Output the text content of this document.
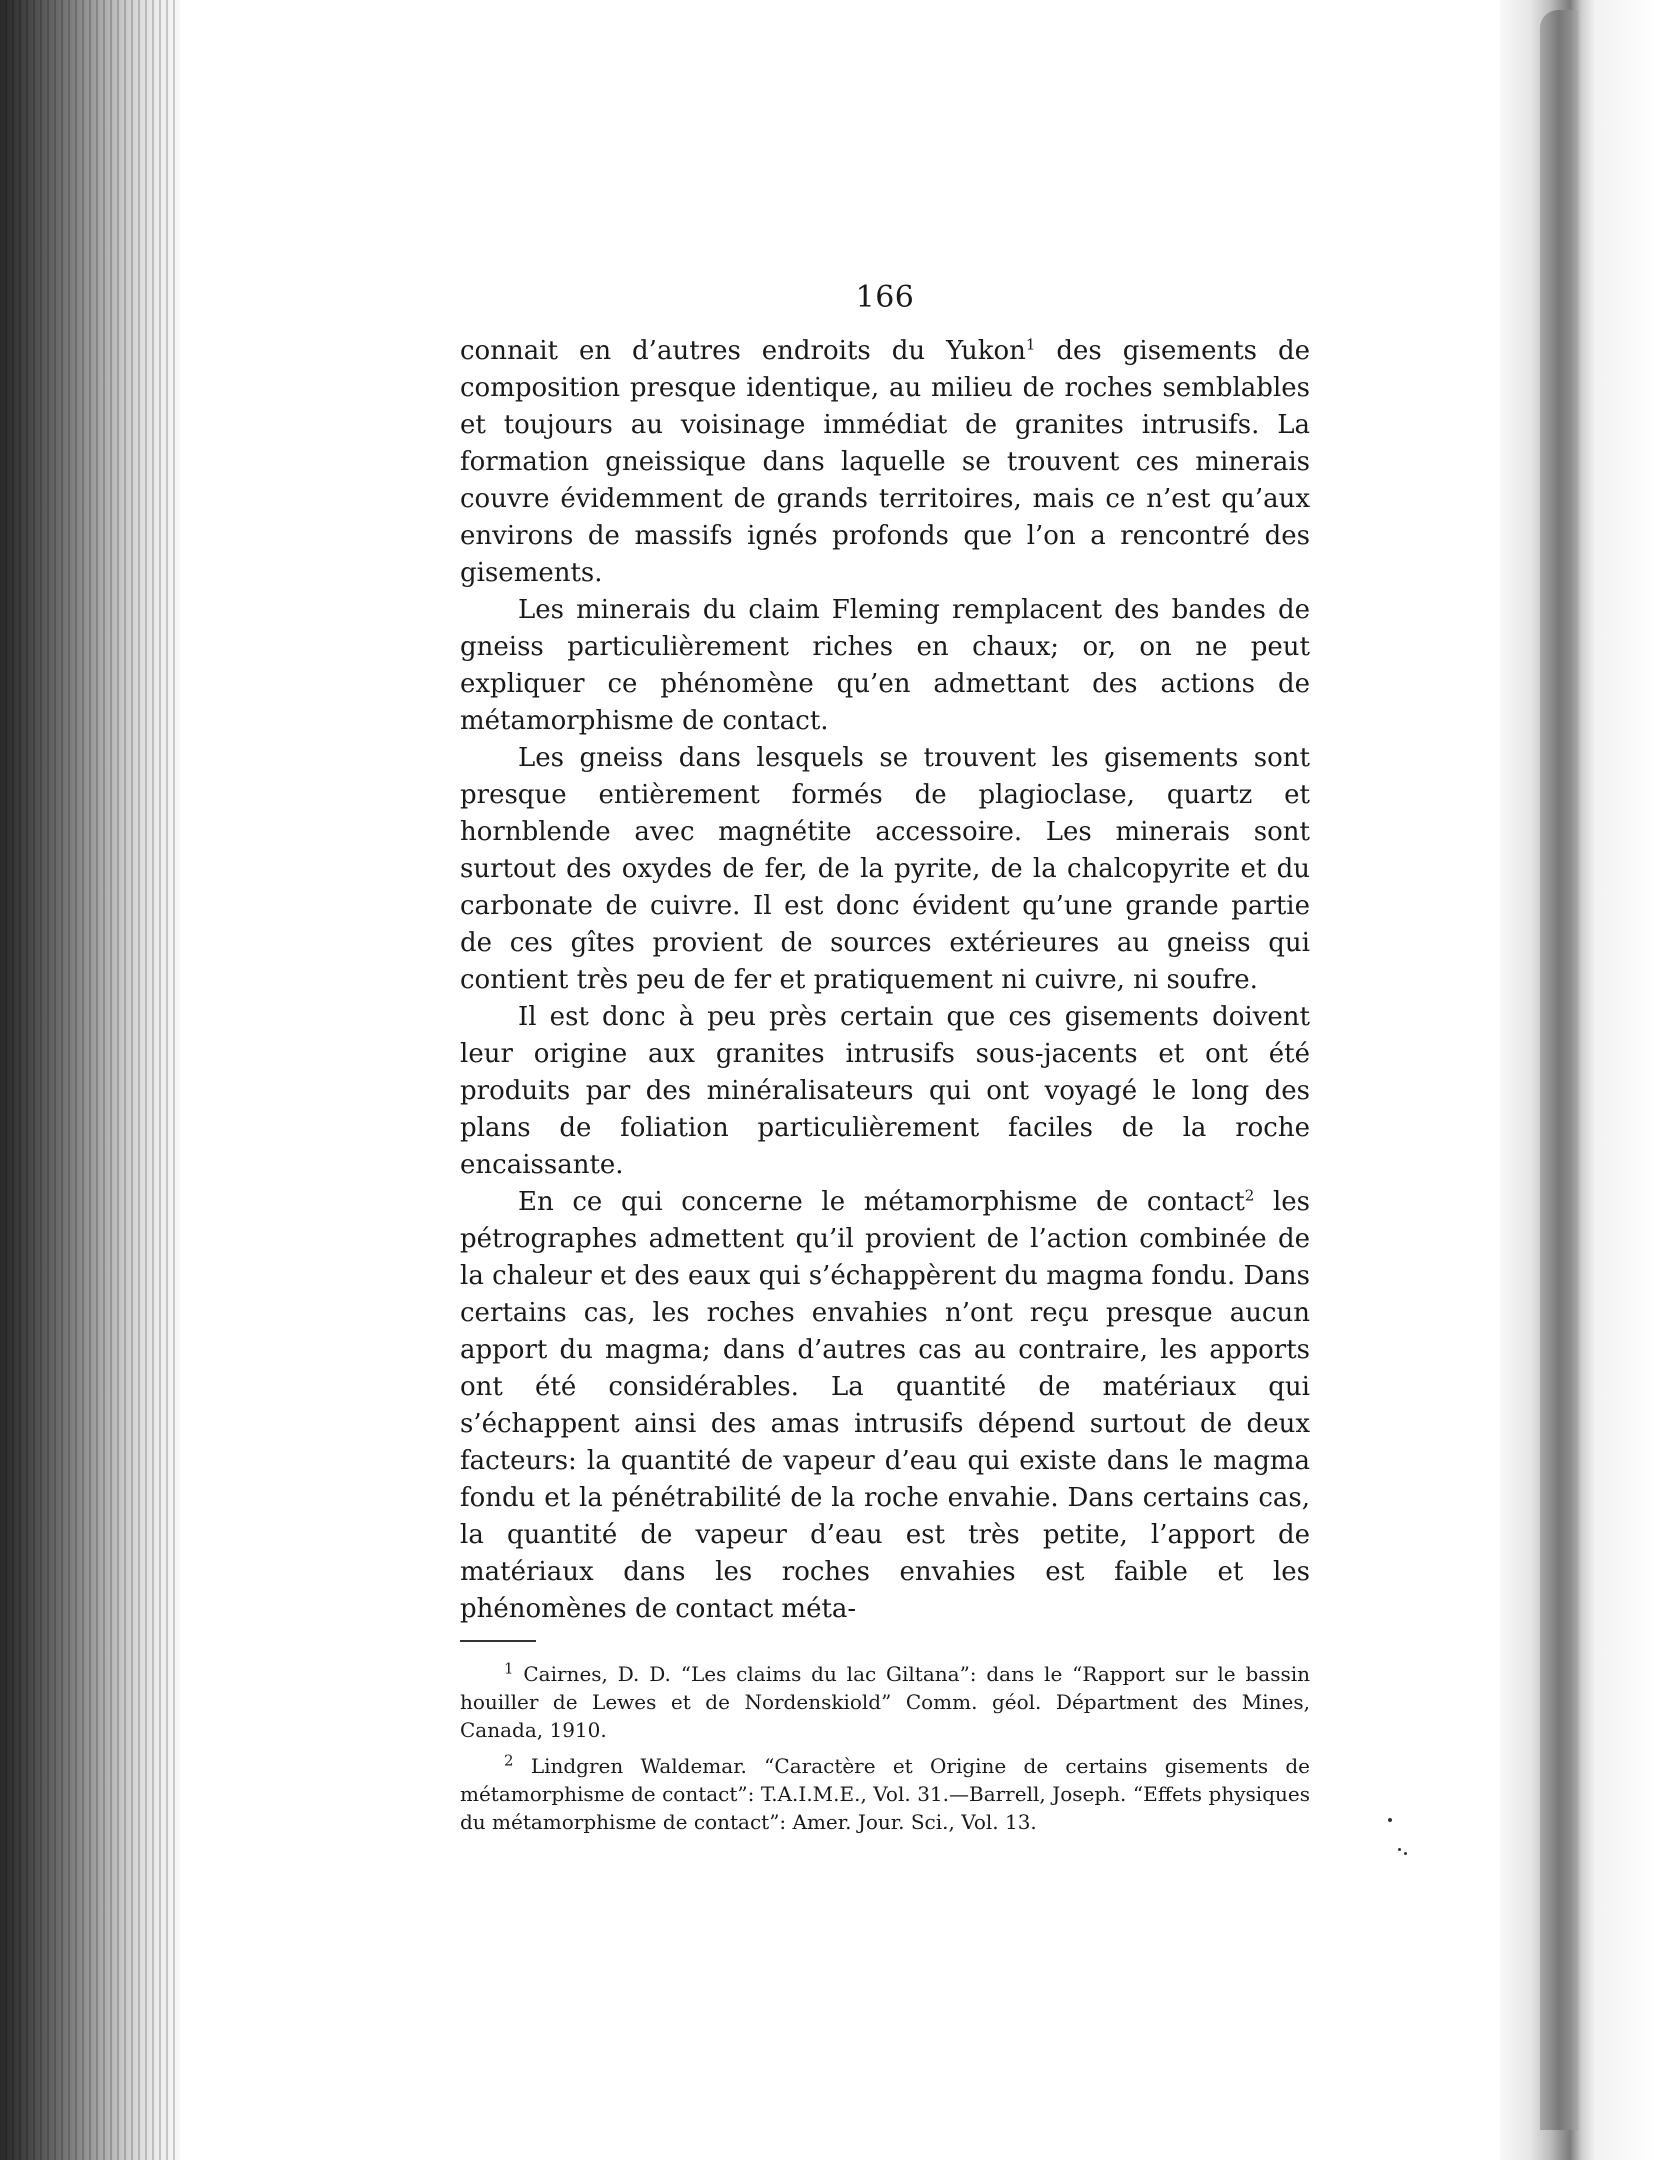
166

connait en d’autres endroits du Yukon$^1$ des gisements de composition presque identique, au milieu de roches semblables et toujours au voisinage immédiat de granites intrusifs. La formation gneissique dans laquelle se trouvent ces minerais couvre évidemment de grands territoires, mais ce n’est qu’aux environs de massifs ignés profonds que l’on a rencontré des gisements.

Les minerais du claim Fleming remplacent des bandes de gneiss particulièrement riches en chaux; or, on ne peut expliquer ce phénomène qu’en admettant des actions de métamorphisme de contact.

Les gneiss dans lesquels se trouvent les gisements sont presque entièrement formés de plagioclase, quartz et hornblende avec magnétite accessoire. Les minerais sont surtout des oxydes de fer, de la pyrite, de la chalcopyrite et du carbonate de cuivre. Il est donc évident qu’une grande partie de ces gîtes provient de sources extérieures au gneiss qui contient très peu de fer et pratiquement ni cuivre, ni soufre.

Il est donc à peu près certain que ces gisements doivent leur origine aux granites intrusifs sous-jacents et ont été produits par des minéralisateurs qui ont voyagé le long des plans de foliation particulièrement faciles de la roche encaissante.

En ce qui concerne le métamorphisme de contact$^2$ les pétrographes admettent qu’il provient de l’action combinée de la chaleur et des eaux qui s’échappèrent du magma fondu. Dans certains cas, les roches envahies n’ont reçu presque aucun apport du magma; dans d’autres cas au contraire, les apports ont été considérables. La quantité de matériaux qui s’échappent ainsi des amas intrusifs dépend surtout de deux facteurs: la quantité de vapeur d’eau qui existe dans le magma fondu et la pénétrabilité de la roche envahie. Dans certains cas, la quantité de vapeur d’eau est très petite, l’apport de matériaux dans les roches envahies est faible et les phénomènes de contact méta-

$^1$ Cairnes, D. D. “Les claims du lac Giltana”: dans le “Rapport sur le bassin houiller de Lewes et de Nordenskiold” Comm. géol. Départment des Mines, Canada, 1910.

$^2$ Lindgren Waldemar. “Caractère et Origine de certains gisements de métamorphisme de contact”: T.A.I.M.E., Vol. 31.—Barrell, Joseph. “Effets physiques du métamorphisme de contact”: Amer. Jour. Sci., Vol. 13.
